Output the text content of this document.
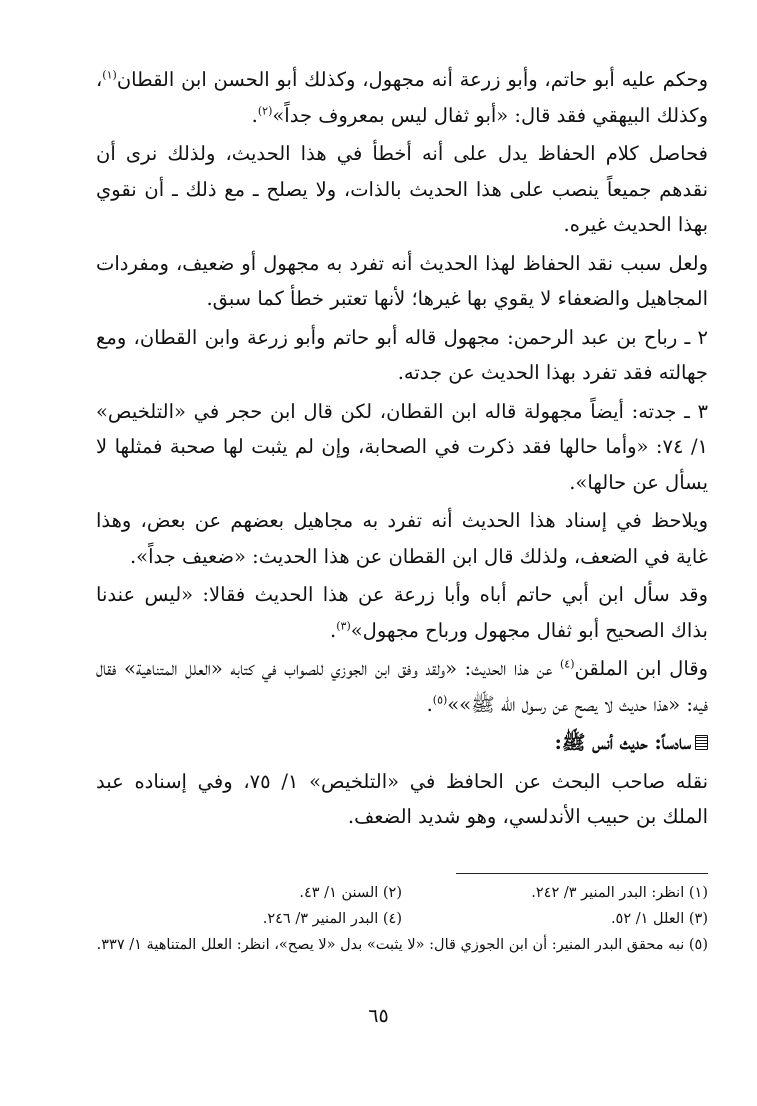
وحكم عليه أبو حاتم، وأبو زرعة أنه مجهول، وكذلك أبو الحسن ابن القطان$^{(١)}$، وكذلك البيهقي فقد قال: «أبو ثفال ليس بمعروف جداً»$^{(٢)}$.

فحاصل كلام الحفاظ يدل على أنه أخطأ في هذا الحديث، ولذلك نرى أن نقدهم جميعاً ينصب على هذا الحديث بالذات، ولا يصلح ـ مع ذلك ـ أن نقوي بهذا الحديث غيره.

ولعل سبب نقد الحفاظ لهذا الحديث أنه تفرد به مجهول أو ضعيف، ومفردات المجاهيل والضعفاء لا يقوي بها غيرها؛ لأنها تعتبر خطأ كما سبق.

٢ ـ رباح بن عبد الرحمن: مجهول قاله أبو حاتم وأبو زرعة وابن القطان، ومع جهالته فقد تفرد بهذا الحديث عن جدته.

٣ ـ جدته: أيضاً مجهولة قاله ابن القطان، لكن قال ابن حجر في «التلخيص» ١/ ٧٤: «وأما حالها فقد ذكرت في الصحابة، وإن لم يثبت لها صحبة فمثلها لا يسأل عن حالها».

ويلاحظ في إسناد هذا الحديث أنه تفرد به مجاهيل بعضهم عن بعض، وهذا غاية في الضعف، ولذلك قال ابن القطان عن هذا الحديث: «ضعيف جداً».

وقد سأل ابن أبي حاتم أباه وأبا زرعة عن هذا الحديث فقالا: «ليس عندنا بذاك الصحيح أبو ثفال مجهول ورباح مجهول»$^{(٣)}$.

وقال ابن الملقن$^{(٤)}$ عن هذا الحديث: «ولقد وفق ابن الجوزي للصواب في كتابه «العلل المتناهية» فقال فيه: «هذا حديث لا يصح عن رسول الله ﷺ»»$^{(٥)}$.

سادساً: حديث أنس ﷺ:

نقله صاحب البحث عن الحافظ في «التلخيص» ١/ ٧٥، وفي إسناده عبد الملك بن حبيب الأندلسي، وهو شديد الضعف.

(١) انظر: البدر المنير ٣/ ٢٤٢.
(٢) السنن ١/ ٤٣.
(٣) العلل ١/ ٥٢.
(٤) البدر المنير ٣/ ٢٤٦.
(٥) نبه محقق البدر المنير: أن ابن الجوزي قال: «لا يثبت» بدل «لا يصح»، انظر: العلل المتناهية ١/ ٣٣٧.
٦٥
